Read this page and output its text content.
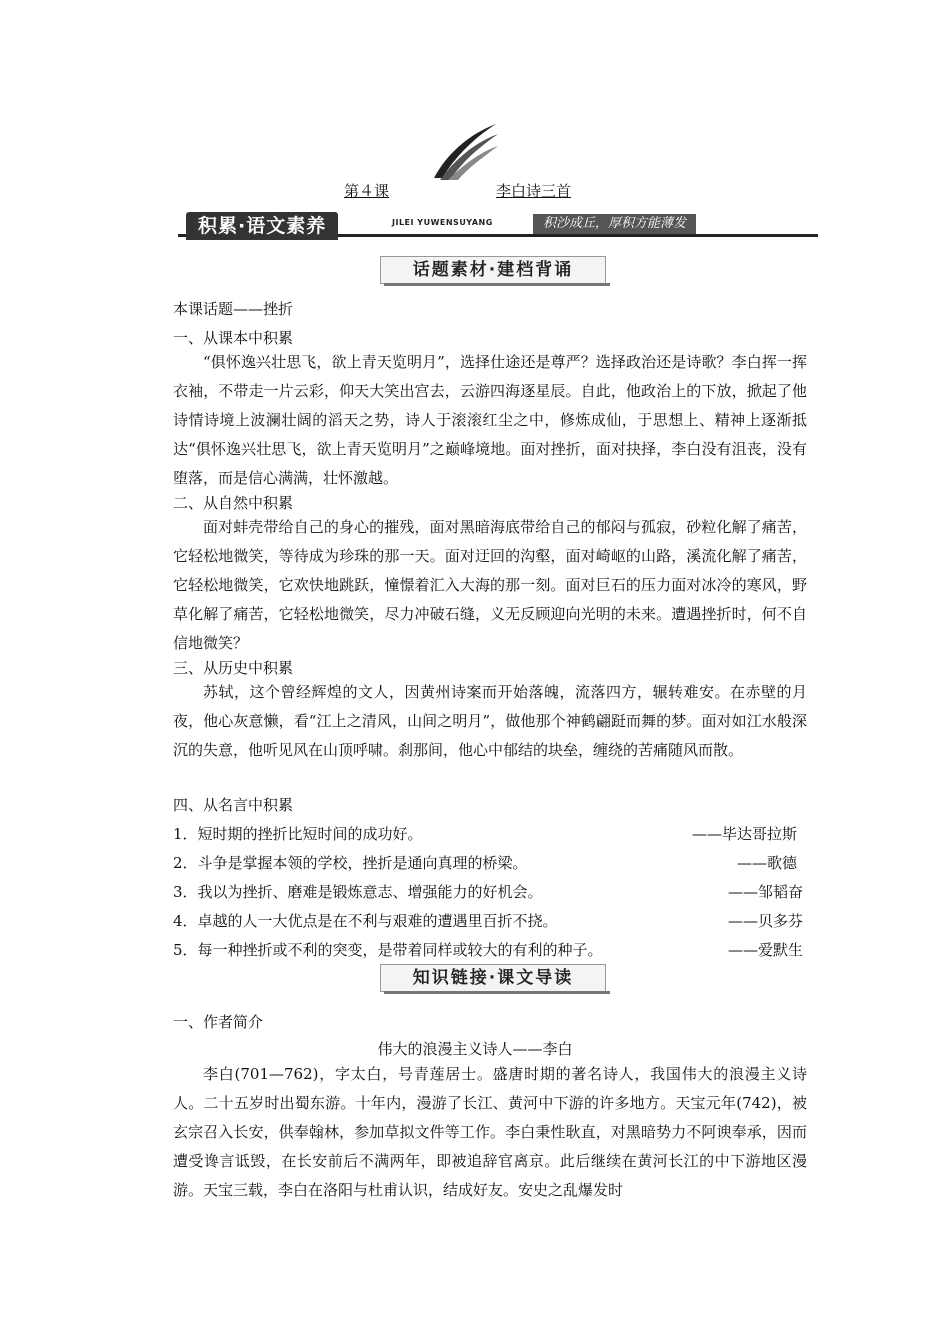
第４课	李白诗三首
积累·语文素养	JILEI YUWENSUYANG	积沙成丘，厚积方能薄发
话题素材·建档背诵
本课话题——挫折
一、从课本中积累
“俱怀逸兴壮思飞，欲上青天览明月”，选择仕途还是尊严？选择政治还是诗歌？李白挥一挥衣袖，不带走一片云彩，仰天大笑出宫去，云游四海逐星辰。自此，他政治上的下放，掀起了他诗情诗境上波澜壮阔的滔天之势，诗人于滚滚红尘之中，修炼成仙，于思想上、精神上逐渐抵达“俱怀逸兴壮思飞，欲上青天览明月”之巅峰境地。面对挫折，面对抉择，李白没有沮丧，没有堕落，而是信心满满，壮怀激越。
二、从自然中积累
面对蚌壳带给自己的身心的摧残，面对黑暗海底带给自己的郁闷与孤寂，砂粒化解了痛苦，它轻松地微笑，等待成为珍珠的那一天。面对迂回的沟壑，面对崎岖的山路，溪流化解了痛苦，它轻松地微笑，它欢快地跳跃，憧憬着汇入大海的那一刻。面对巨石的压力面对冰冷的寒风，野草化解了痛苦，它轻松地微笑，尽力冲破石缝，义无反顾迎向光明的未来。遭遇挫折时，何不自信地微笑？
三、从历史中积累
苏轼，这个曾经辉煌的文人，因黄州诗案而开始落魄，流落四方，辗转难安。在赤壁的月夜，他心灰意懒，看“江上之清风，山间之明月”，做他那个神鹤翩跹而舞的梦。面对如江水般深沉的失意，他听见风在山顶呼啸。刹那间，他心中郁结的块垒，缠绕的苦痛随风而散。
四、从名言中积累
1．短时期的挫折比短时间的成功好。	——毕达哥拉斯
2．斗争是掌握本领的学校，挫折是通向真理的桥梁。	——歌德
3．我以为挫折、磨难是锻炼意志、增强能力的好机会。	——邹韬奋
4．卓越的人一大优点是在不利与艰难的遭遇里百折不挠。	——贝多芬
5．每一种挫折或不利的突变，是带着同样或较大的有利的种子。	——爱默生
知识链接·课文导读
一、作者简介
伟大的浪漫主义诗人——李白
李白(701—762)，字太白，号青莲居士。盛唐时期的著名诗人，我国伟大的浪漫主义诗人。二十五岁时出蜀东游。十年内，漫游了长江、黄河中下游的许多地方。天宝元年(742)，被玄宗召入长安，供奉翰林，参加草拟文件等工作。李白秉性耿直，对黑暗势力不阿谀奉承，因而遭受谗言诋毁，在长安前后不满两年，即被追辞官离京。此后继续在黄河长江的中下游地区漫游。天宝三载，李白在洛阳与杜甫认识，结成好友。安史之乱爆发时
